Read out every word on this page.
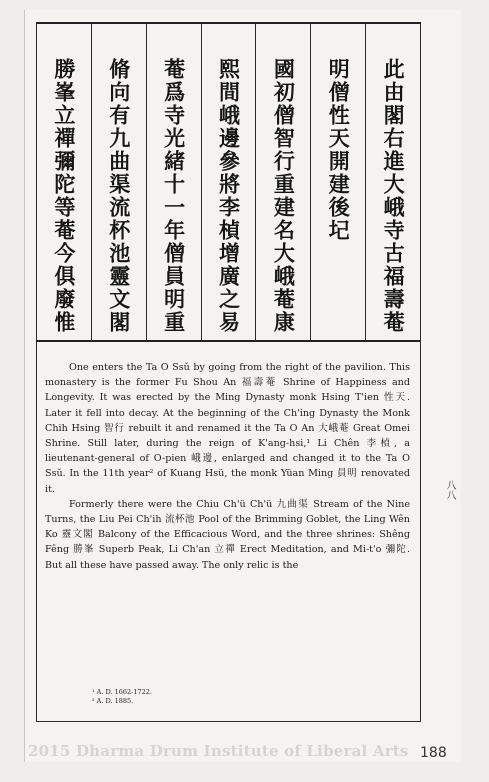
此由閣右進大峨寺古福壽菴
明僧性天開建後圮
國初僧智行重建名大峨菴康
熙間峨邊參將李楨增廣之易
菴爲寺光緒十一年僧員明重
脩向有九曲渠流杯池靈文閣
勝峯立禪彌陀等菴今俱廢惟

One enters the Ta O Ssŭ by going from the right of the pavilion. This monastery is the former Fu Shou An 福壽菴 Shrine of Happiness and Longevity. It was erected by the Ming Dynasty monk Hsing T'ien 性天. Later it fell into decay. At the beginning of the Ch'ing Dynasty the Monk Chih Hsing 智行 rebuilt it and renamed it the Ta O An 大峨菴 Great Omei Shrine. Still later, during the reign of K'ang-hsi,¹ Li Chên 李楨, a lieutenant-general of O-pien 峨邊, enlarged and changed it to the Ta O Ssŭ. In the 11th year² of Kuang Hsü, the monk Yüan Ming 員明 renovated it.

Formerly there were the Chiu Ch'ü Ch'ü 九曲渠 Stream of the Nine Turns, the Liu Pei Ch'ih 流杯池 Pool of the Brimming Goblet, the Ling Wên Ko 靈文閣 Balcony of the Efficacious Word, and the three shrines: Shêng Fêng 勝峯 Superb Peak, Li Ch'an 立禪 Erect Meditation, and Mi-t'o 彌陀. But all these have passed away. The only relic is the

¹ A. D. 1662-1722.
² A. D. 1885.
八八
2015 Dharma Drum Institute of Liberal Arts 188
